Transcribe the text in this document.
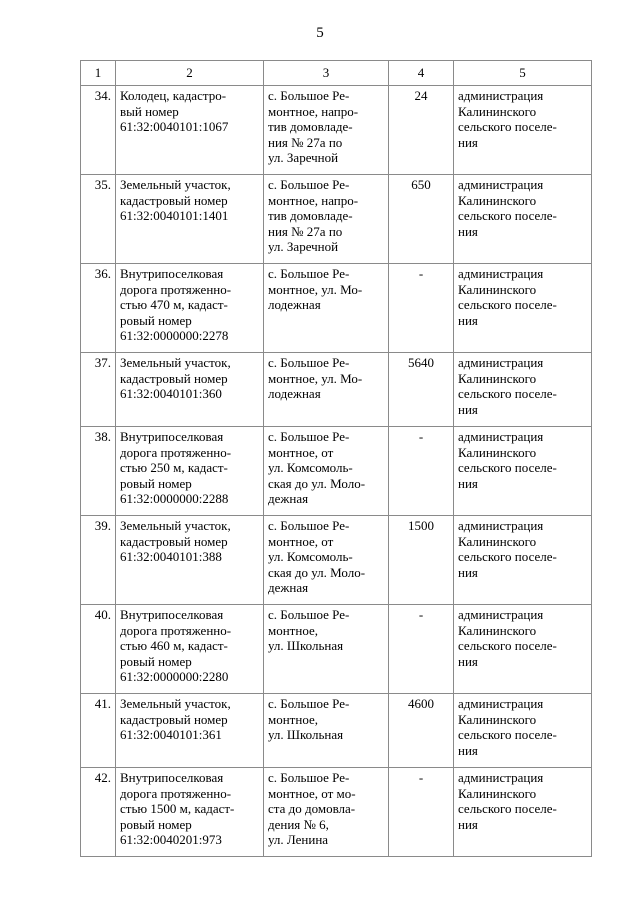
5
1	2	3	4	5
34.	Колодец, кадастро-
вый номер
61:32:0040101:1067	с. Большое Ре-
монтное, напро-
тив домовладе-
ния № 27а по
ул. Заречной	24	администрация
Калининского
сельского поселе-
ния

35.	Земельный участок,
кадастровый номер
61:32:0040101:1401	с. Большое Ре-
монтное, напро-
тив домовладе-
ния № 27а по
ул. Заречной	650	администрация
Калининского
сельского поселе-
ния

36.	Внутрипоселковая
дорога протяженно-
стью 470 м, кадаст-
ровый номер
61:32:0000000:2278	с. Большое Ре-
монтное, ул. Мо-
лодежная	-	администрация
Калининского
сельского поселе-
ния

37.	Земельный участок,
кадастровый номер
61:32:0040101:360	с. Большое Ре-
монтное, ул. Мо-
лодежная	5640	администрация
Калининского
сельского поселе-
ния

38.	Внутрипоселковая
дорога протяженно-
стью 250 м, кадаст-
ровый номер
61:32:0000000:2288	с. Большое Ре-
монтное, от
ул. Комсомоль-
ская до ул. Моло-
дежная	-	администрация
Калининского
сельского поселе-
ния

39.	Земельный участок,
кадастровый номер
61:32:0040101:388	с. Большое Ре-
монтное, от
ул. Комсомоль-
ская до ул. Моло-
дежная	1500	администрация
Калининского
сельского поселе-
ния

40.	Внутрипоселковая
дорога протяженно-
стью 460 м, кадаст-
ровый номер
61:32:0000000:2280	с. Большое Ре-
монтное,
ул. Школьная	-	администрация
Калининского
сельского поселе-
ния

41.	Земельный участок,
кадастровый номер
61:32:0040101:361	с. Большое Ре-
монтное,
ул. Школьная	4600	администрация
Калининского
сельского поселе-
ния

42.	Внутрипоселковая
дорога протяженно-
стью 1500 м, кадаст-
ровый номер
61:32:0040201:973	с. Большое Ре-
монтное, от мо-
ста до домовла-
дения № 6,
ул. Ленина	-	администрация
Калининского
сельского поселе-
ния
